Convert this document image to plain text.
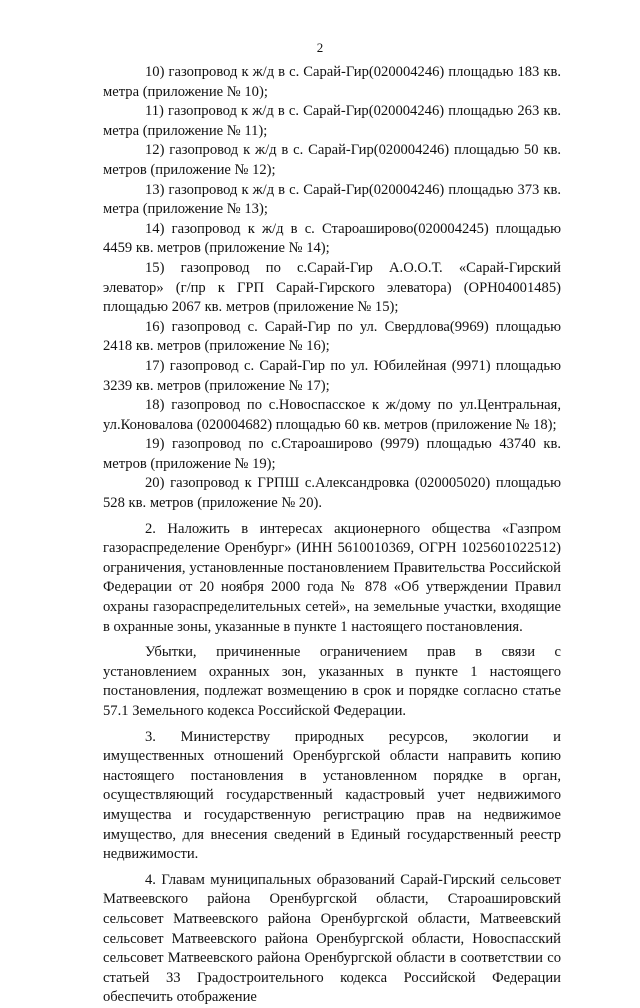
2

10) газопровод к ж/д в с. Сарай-Гир(020004246) площадью 183 кв. метра (приложение № 10);

11) газопровод к ж/д в с. Сарай-Гир(020004246) площадью 263 кв. метра (приложение № 11);

12) газопровод к ж/д в с. Сарай-Гир(020004246) площадью 50 кв. метров (приложение № 12);

13) газопровод к ж/д в с. Сарай-Гир(020004246) площадью 373 кв. метра (приложение № 13);

14) газопровод к ж/д в с. Староаширово(020004245) площадью 4459 кв. метров (приложение № 14);

15) газопровод по с.Сарай-Гир А.О.О.Т. «Сарай-Гирский элеватор» (г/пр к ГРП Сарай-Гирского элеватора) (ОРН04001485) площадью 2067 кв. метров (приложение № 15);

16) газопровод с. Сарай-Гир по ул. Свердлова(9969) площадью 2418 кв. метров (приложение № 16);

17) газопровод с. Сарай-Гир по ул. Юбилейная (9971) площадью 3239 кв. метров (приложение № 17);

18) газопровод по с.Новоспасское к ж/дому по ул.Центральная, ул.Коновалова (020004682) площадью 60 кв. метров (приложение № 18);

19) газопровод по с.Староаширово (9979) площадью 43740 кв. метров (приложение № 19);

20) газопровод к ГРПШ с.Александровка (020005020) площадью 528 кв. метров (приложение № 20).

2. Наложить в интересах акционерного общества «Газпром газораспределение Оренбург» (ИНН 5610010369, ОГРН 1025601022512) ограничения, установленные постановлением Правительства Российской Федерации от 20 ноября 2000 года № 878 «Об утверждении Правил охраны газораспределительных сетей», на земельные участки, входящие в охранные зоны, указанные в пункте 1 настоящего постановления.

Убытки, причиненные ограничением прав в связи с установлением охранных зон, указанных в пункте 1 настоящего постановления, подлежат возмещению в срок и порядке согласно статье 57.1 Земельного кодекса Российской Федерации.

3. Министерству природных ресурсов, экологии и имущественных отношений Оренбургской области направить копию настоящего постановления в установленном порядке в орган, осуществляющий государственный кадастровый учет недвижимого имущества и государственную регистрацию прав на недвижимое имущество, для внесения сведений в Единый государственный реестр недвижимости.

4. Главам муниципальных образований Сарай-Гирский сельсовет Матвеевского района Оренбургской области, Староашировский сельсовет Матвеевского района Оренбургской области, Матвеевский сельсовет Матвеевского района Оренбургской области, Новоспасский сельсовет Матвеевского района Оренбургской области в соответствии со статьей 33 Градостроительного кодекса Российской Федерации обеспечить отображение
